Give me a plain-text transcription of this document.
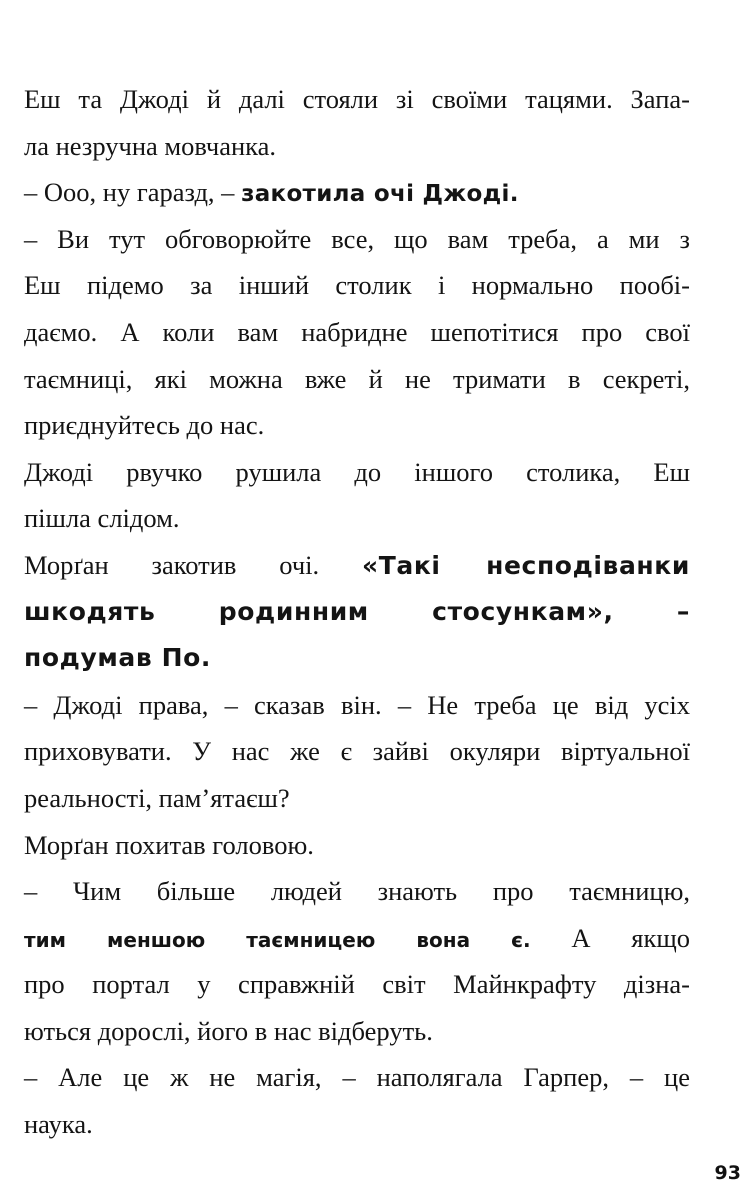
Еш та Джоді й далі стояли зі своїми тацями. Запа-
ла незручна мовчанка.
– Ооо, ну гаразд, – закотила очі Джоді.
– Ви тут обговорюйте все, що вам треба, а ми з
Еш підемо за інший столик і нормально пообі-
даємо. А коли вам набридне шепотітися про свої
таємниці, які можна вже й не тримати в секреті,
приєднуйтесь до нас.
Джоді рвучко рушила до іншого столика, Еш
пішла слідом.
Морґан закотив очі. «Такі несподіванки
шкодять родинним стосункам», –
подумав По.
– Джоді права, – сказав він. – Не треба це від усіх
приховувати. У нас же є зайві окуляри віртуальної
реальності, пам’ятаєш?
Морґан похитав головою.
– Чим більше людей знають про таємницю,
тим меншою таємницею вона є. А якщо
про портал у справжній світ Майнкрафту дізна-
ються дорослі, його в нас відберуть.
– Але це ж не магія, – наполягала Гарпер, – це
наука.
93
